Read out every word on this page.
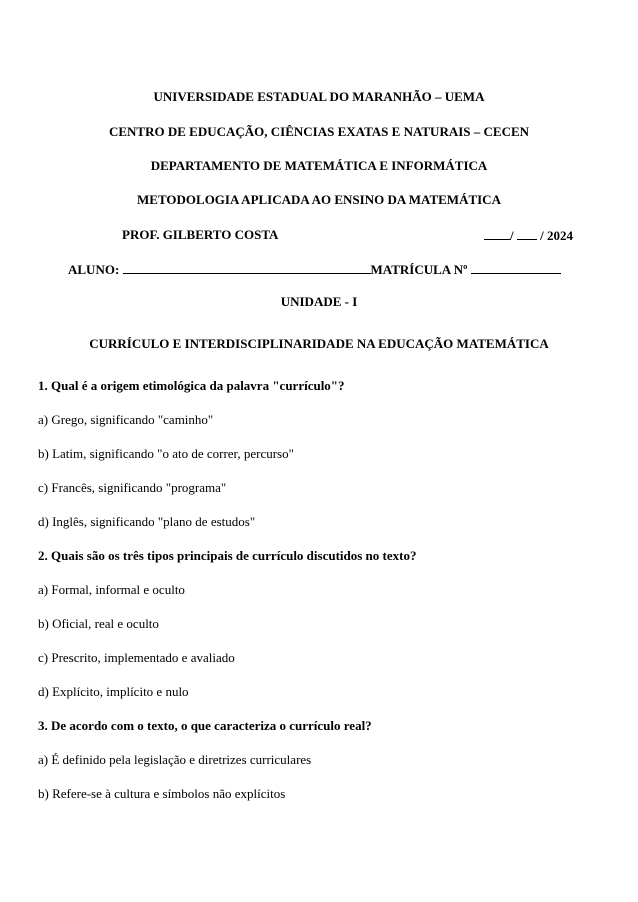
UNIVERSIDADE ESTADUAL DO MARANHÃO – UEMA
CENTRO DE EDUCAÇÃO, CIÊNCIAS EXATAS E NATURAIS – CECEN
DEPARTAMENTO DE MATEMÁTICA E INFORMÁTICA
METODOLOGIA APLICADA AO ENSINO DA MATEMÁTICA
PROF. GILBERTO COSTA	/ / 2024
ALUNO:	MATRÍCULA Nº
UNIDADE - I
CURRÍCULO E INTERDISCIPLINARIDADE NA EDUCAÇÃO MATEMÁTICA
1. Qual é a origem etimológica da palavra "currículo"?
a) Grego, significando "caminho"
b) Latim, significando "o ato de correr, percurso"
c) Francês, significando "programa"
d) Inglês, significando "plano de estudos"
2. Quais são os três tipos principais de currículo discutidos no texto?
a) Formal, informal e oculto
b) Oficial, real e oculto
c) Prescrito, implementado e avaliado
d) Explícito, implícito e nulo
3. De acordo com o texto, o que caracteriza o currículo real?
a) É definido pela legislação e diretrizes curriculares
b) Refere-se à cultura e símbolos não explícitos
